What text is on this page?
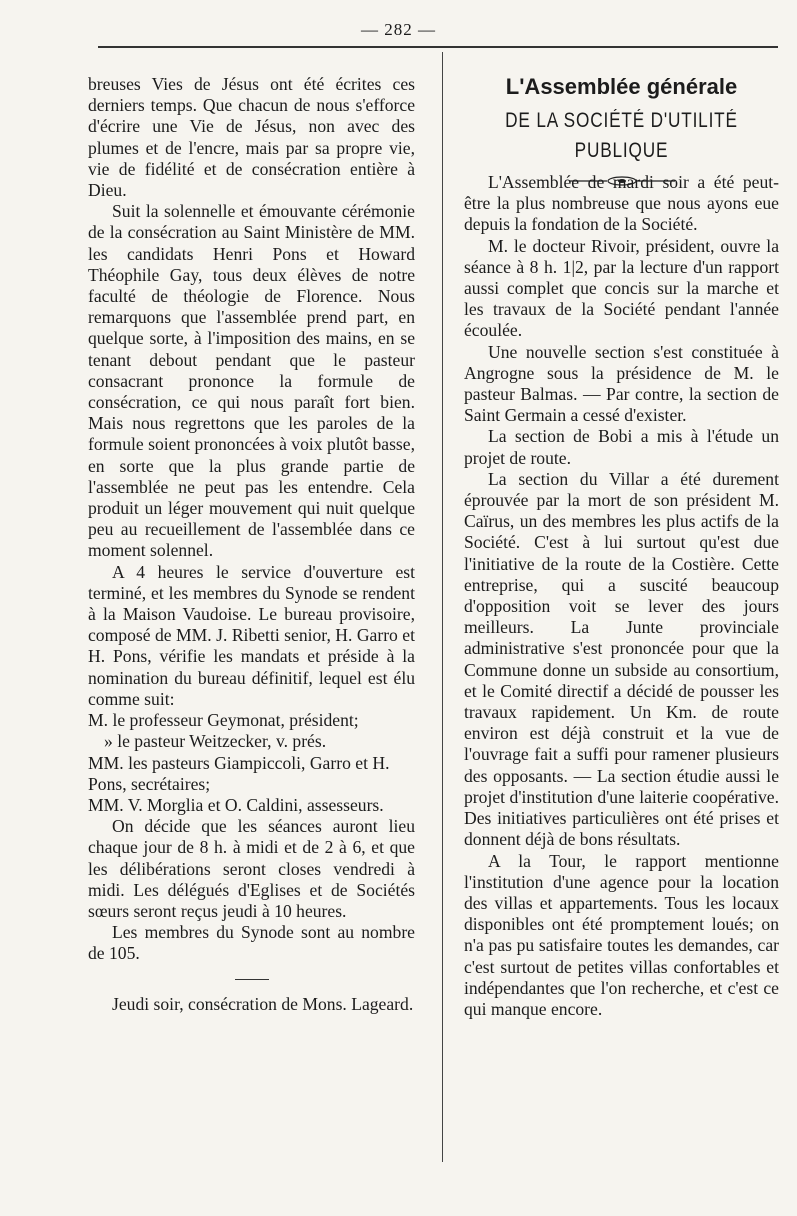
— 282 —

breuses Vies de Jésus ont été écrites ces derniers temps. Que chacun de nous s'efforce d'écrire une Vie de Jésus, non avec des plumes et de l'encre, mais par sa propre vie, vie de fidélité et de consécration entière à Dieu.

Suit la solennelle et émouvante cérémonie de la consécration au Saint Ministère de MM. les candidats Henri Pons et Howard Théophile Gay, tous deux élèves de notre faculté de théologie de Florence. Nous remarquons que l'assemblée prend part, en quelque sorte, à l'imposition des mains, en se tenant debout pendant que le pasteur consacrant prononce la formule de consécration, ce qui nous paraît fort bien. Mais nous regrettons que les paroles de la formule soient prononcées à voix plutôt basse, en sorte que la plus grande partie de l'assemblée ne peut pas les entendre. Cela produit un léger mouvement qui nuit quelque peu au recueillement de l'assemblée dans ce moment solennel.

A 4 heures le service d'ouverture est terminé, et les membres du Synode se rendent à la Maison Vaudoise. Le bureau provisoire, composé de MM. J. Ribetti senior, H. Garro et H. Pons, vérifie les mandats et préside à la nomination du bureau définitif, lequel est élu comme suit:

M. le professeur Geymonat, président;

» le pasteur Weitzecker, v. prés.

MM. les pasteurs Giampiccoli, Garro et H. Pons, secrétaires;

MM. V. Morglia et O. Caldini, assesseurs.

On décide que les séances auront lieu chaque jour de 8 h. à midi et de 2 à 6, et que les délibérations seront closes vendredi à midi. Les délégués d'Eglises et de Sociétés sœurs seront reçus jeudi à 10 heures.

Les membres du Synode sont au nombre de 105.

Jeudi soir, consécration de Mons. Lageard.

L'Assemblée générale

DE LA SOCIÉTÉ D'UTILITÉ PUBLIQUE

L'Assemblée de mardi soir a été peut-être la plus nombreuse que nous ayons eue depuis la fondation de la Société.

M. le docteur Rivoir, président, ouvre la séance à 8 h. 1|2, par la lecture d'un rapport aussi complet que concis sur la marche et les travaux de la Société pendant l'année écoulée.

Une nouvelle section s'est constituée à Angrogne sous la présidence de M. le pasteur Balmas. — Par contre, la section de Saint Germain a cessé d'exister.

La section de Bobi a mis à l'étude un projet de route.

La section du Villar a été durement éprouvée par la mort de son président M. Caïrus, un des membres les plus actifs de la Société. C'est à lui surtout qu'est due l'initiative de la route de la Costière. Cette entreprise, qui a suscité beaucoup d'opposition voit se lever des jours meilleurs. La Junte provinciale administrative s'est prononcée pour que la Commune donne un subside au consortium, et le Comité directif a décidé de pousser les travaux rapidement. Un Km. de route environ est déjà construit et la vue de l'ouvrage fait a suffi pour ramener plusieurs des opposants. — La section étudie aussi le projet d'institution d'une laiterie coopérative. Des initiatives particulières ont été prises et donnent déjà de bons résultats.

A la Tour, le rapport mentionne l'institution d'une agence pour la location des villas et appartements. Tous les locaux disponibles ont été promptement loués; on n'a pas pu satisfaire toutes les demandes, car c'est surtout de petites villas confortables et indépendantes que l'on recherche, et c'est ce qui manque encore.
